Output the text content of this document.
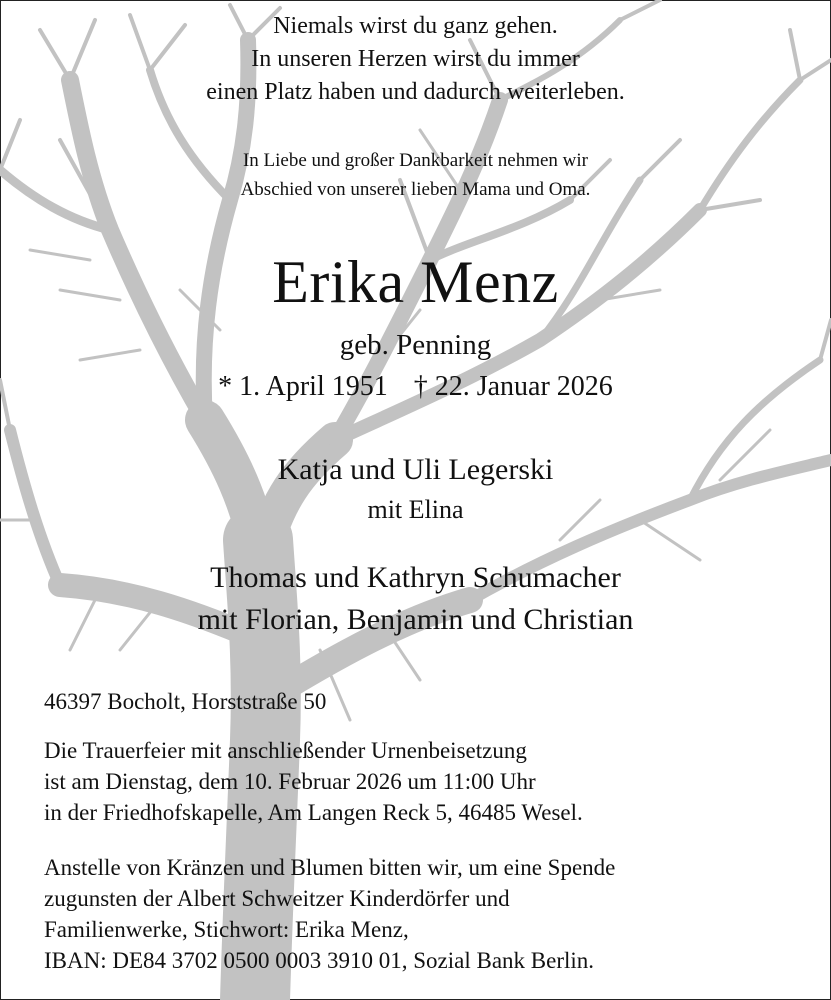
Niemals wirst du ganz gehen.
In unseren Herzen wirst du immer
einen Platz haben und dadurch weiterleben.
In Liebe und großer Dankbarkeit nehmen wir
Abschied von unserer lieben Mama und Oma.
Erika Menz
geb. Penning
* 1. April 1951 † 22. Januar 2026
Katja und Uli Legerski
mit Elina
Thomas und Kathryn Schumacher
mit Florian, Benjamin und Christian
46397 Bocholt, Horststraße 50
Die Trauerfeier mit anschließender Urnenbeisetzung
ist am Dienstag, dem 10. Februar 2026 um 11:00 Uhr
in der Friedhofskapelle, Am Langen Reck 5, 46485 Wesel.
Anstelle von Kränzen und Blumen bitten wir, um eine Spende
zugunsten der Albert Schweitzer Kinderdörfer und
Familienwerke, Stichwort: Erika Menz,
IBAN: DE84 3702 0500 0003 3910 01, Sozial Bank Berlin.
